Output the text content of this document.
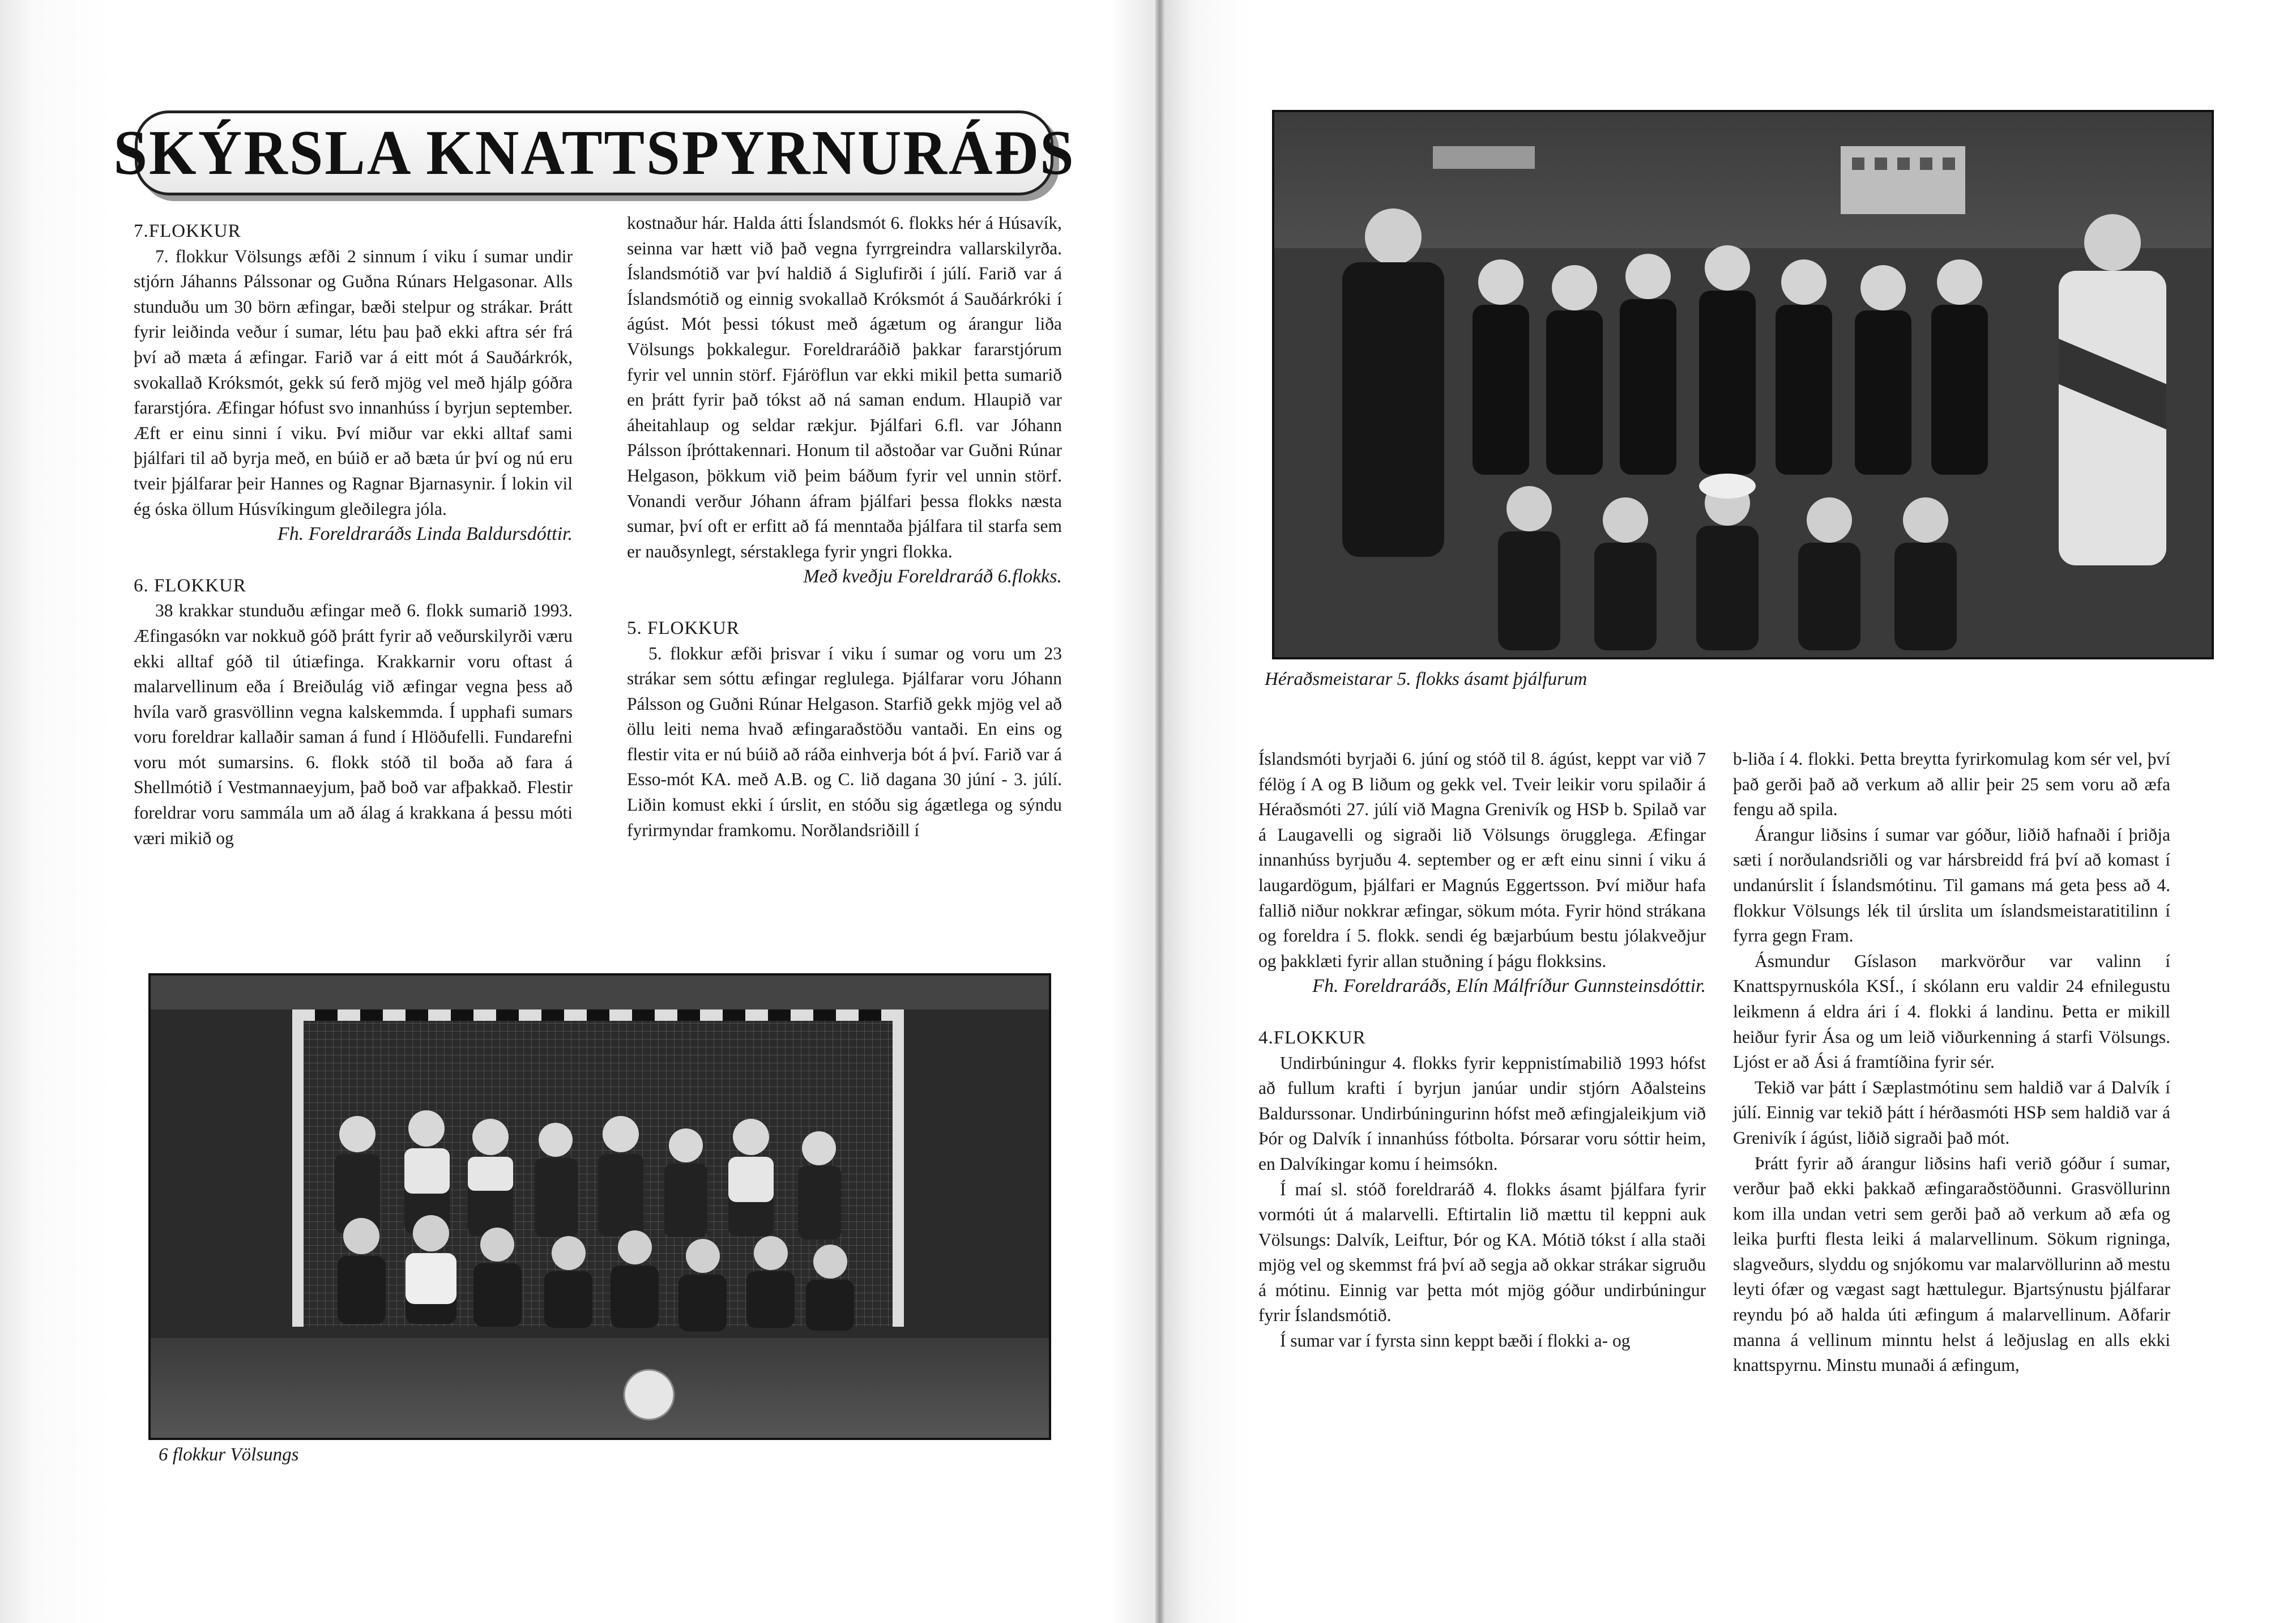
SKÝRSLA KNATTSPYRNURÁÐS

7.FLOKKUR

7. flokkur Völsungs æfði 2 sinnum í viku í sumar undir stjórn Jáhanns Pálssonar og Guðna Rúnars Helgasonar. Alls stunduðu um 30 börn æfingar, bæði stelpur og strákar. Þrátt fyrir leiðinda veður í sumar, létu þau það ekki aftra sér frá því að mæta á æfingar. Farið var á eitt mót á Sauðárkrók, svokallað Króksmót, gekk sú ferð mjög vel með hjálp góðra fararstjóra. Æfingar hófust svo innanhúss í byrjun september. Æft er einu sinni í viku. Því miður var ekki alltaf sami þjálfari til að byrja með, en búið er að bæta úr því og nú eru tveir þjálfarar þeir Hannes og Ragnar Bjarnasynir. Í lokin vil ég óska öllum Húsvíkingum gleðilegra jóla.

Fh. Foreldraráðs Linda Baldursdóttir.

6. FLOKKUR

38 krakkar stunduðu æfingar með 6. flokk sumarið 1993. Æfingasókn var nokkuð góð þrátt fyrir að veðurskilyrði væru ekki alltaf góð til útiæfinga. Krakkarnir voru oftast á malarvellinum eða í Breiðulág við æfingar vegna þess að hvíla varð grasvöllinn vegna kalskemmda. Í upphafi sumars voru foreldrar kallaðir saman á fund í Hlöðufelli. Fundarefni voru mót sumarsins. 6. flokk stóð til boða að fara á Shellmótið í Vestmannaeyjum, það boð var afþakkað. Flestir foreldrar voru sammála um að álag á krakkana á þessu móti væri mikið og

kostnaður hár. Halda átti Íslandsmót 6. flokks hér á Húsavík, seinna var hætt við það vegna fyrrgreindra vallarskilyrða. Íslandsmótið var því haldið á Siglufirði í júlí. Farið var á Íslandsmótið og einnig svokallað Króksmót á Sauðárkróki í ágúst. Mót þessi tókust með ágætum og árangur liða Völsungs þokkalegur. Foreldraráðið þakkar fararstjórum fyrir vel unnin störf. Fjáröflun var ekki mikil þetta sumarið en þrátt fyrir það tókst að ná saman endum. Hlaupið var áheitahlaup og seldar rækjur. Þjálfari 6.fl. var Jóhann Pálsson íþróttakennari. Honum til aðstoðar var Guðni Rúnar Helgason, þökkum við þeim báðum fyrir vel unnin störf. Vonandi verður Jóhann áfram þjálfari þessa flokks næsta sumar, því oft er erfitt að fá menntaða þjálfara til starfa sem er nauðsynlegt, sérstaklega fyrir yngri flokka.

Með kveðju Foreldraráð 6.flokks.

5. FLOKKUR

5. flokkur æfði þrisvar í viku í sumar og voru um 23 strákar sem sóttu æfingar reglulega. Þjálfarar voru Jóhann Pálsson og Guðni Rúnar Helgason. Starfið gekk mjög vel að öllu leiti nema hvað æfingaraðstöðu vantaði. En eins og flestir vita er nú búið að ráða einhverja bót á því. Farið var á Esso-mót KA. með A.B. og C. lið dagana 30 júní - 3. júlí. Liðin komust ekki í úrslit, en stóðu sig ágætlega og sýndu fyrirmyndar framkomu. Norðlandsriðill í

6 flokkur Völsungs
Héraðsmeistarar 5. flokks ásamt þjálfurum

Íslandsmóti byrjaði 6. júní og stóð til 8. ágúst, keppt var við 7 félög í A og B liðum og gekk vel. Tveir leikir voru spilaðir á Héraðsmóti 27. júlí við Magna Grenivík og HSÞ b. Spilað var á Laugavelli og sigraði lið Völsungs örugglega. Æfingar innanhúss byrjuðu 4. september og er æft einu sinni í viku á laugardögum, þjálfari er Magnús Eggertsson. Því miður hafa fallið niður nokkrar æfingar, sökum móta. Fyrir hönd strákana og foreldra í 5. flokk. sendi ég bæjarbúum bestu jólakveðjur og þakklæti fyrir allan stuðning í þágu flokksins.

Fh. Foreldraráðs, Elín Málfríður Gunnsteinsdóttir.

4.FLOKKUR

Undirbúningur 4. flokks fyrir keppnistímabilið 1993 hófst að fullum krafti í byrjun janúar undir stjórn Aðalsteins Baldurssonar. Undirbúningurinn hófst með æfingjaleikjum við Þór og Dalvík í innanhúss fótbolta. Þórsarar voru sóttir heim, en Dalvíkingar komu í heimsókn.

Í maí sl. stóð foreldraráð 4. flokks ásamt þjálfara fyrir vormóti út á malarvelli. Eftirtalin lið mættu til keppni auk Völsungs: Dalvík, Leiftur, Þór og KA. Mótið tókst í alla staði mjög vel og skemmst frá því að segja að okkar strákar sigruðu á mótinu. Einnig var þetta mót mjög góður undirbúningur fyrir Íslandsmótið.

Í sumar var í fyrsta sinn keppt bæði í flokki a- og

b-liða í 4. flokki. Þetta breytta fyrirkomulag kom sér vel, því það gerði það að verkum að allir þeir 25 sem voru að æfa fengu að spila.

Árangur liðsins í sumar var góður, liðið hafnaði í þriðja sæti í norðulandsriðli og var hársbreidd frá því að komast í undanúrslit í Íslandsmótinu. Til gamans má geta þess að 4. flokkur Völsungs lék til úrslita um íslandsmeistaratitilinn í fyrra gegn Fram.

Ásmundur Gíslason markvörður var valinn í Knattspyrnuskóla KSÍ., í skólann eru valdir 24 efnilegustu leikmenn á eldra ári í 4. flokki á landinu. Þetta er mikill heiður fyrir Ása og um leið viðurkenning á starfi Völsungs. Ljóst er að Ási á framtíðina fyrir sér.

Tekið var þátt í Sæplastmótinu sem haldið var á Dalvík í júlí. Einnig var tekið þátt í hérðasmóti HSÞ sem haldið var á Grenivík í ágúst, liðið sigraði það mót.

Þrátt fyrir að árangur liðsins hafi verið góður í sumar, verður það ekki þakkað æfingaraðstöðunni. Grasvöllurinn kom illa undan vetri sem gerði það að verkum að æfa og leika þurfti flesta leiki á malarvellinum. Sökum rigninga, slagveðurs, slyddu og snjókomu var malarvöllurinn að mestu leyti ófær og vægast sagt hættulegur. Bjartsýnustu þjálfarar reyndu þó að halda úti æfingum á malarvellinum. Aðfarir manna á vellinum minntu helst á leðjuslag en alls ekki knattspyrnu. Minstu munaði á æfingum,
